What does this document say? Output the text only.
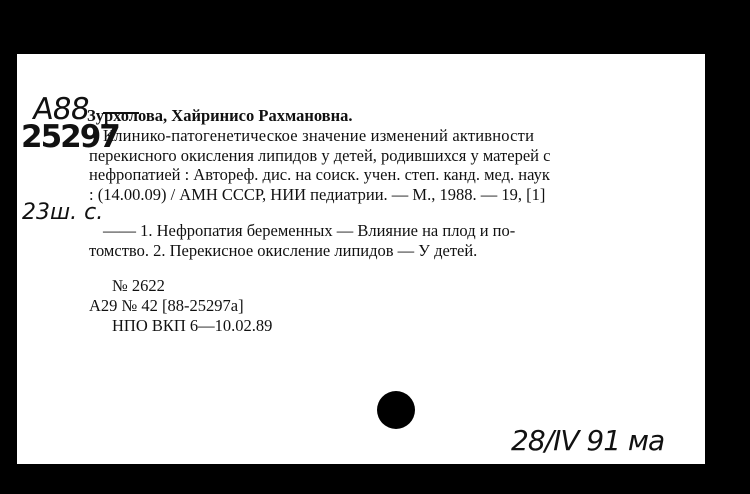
А88
25297
Зурхолова, Хайринисо Рахмановна.
Клинико-патогенетическое значение изменений активности
перекисного окисления липидов у детей, родившихся у матерей с
нефропатией : Автореф. дис. на соиск. учен. степ. канд. мед. наук
: (14.00.09) / АМН СССР, НИИ педиатрии. — М., 1988. — 19, [1]
23ш. с.
—— 1. Нефропатия беременных — Влияние на плод и по-
томство. 2. Перекисное окисление липидов — У детей.
№ 2622
А29 № 42 [88-25297а]
НПО ВКП 6—10.02.89
28/IV 91 ма
